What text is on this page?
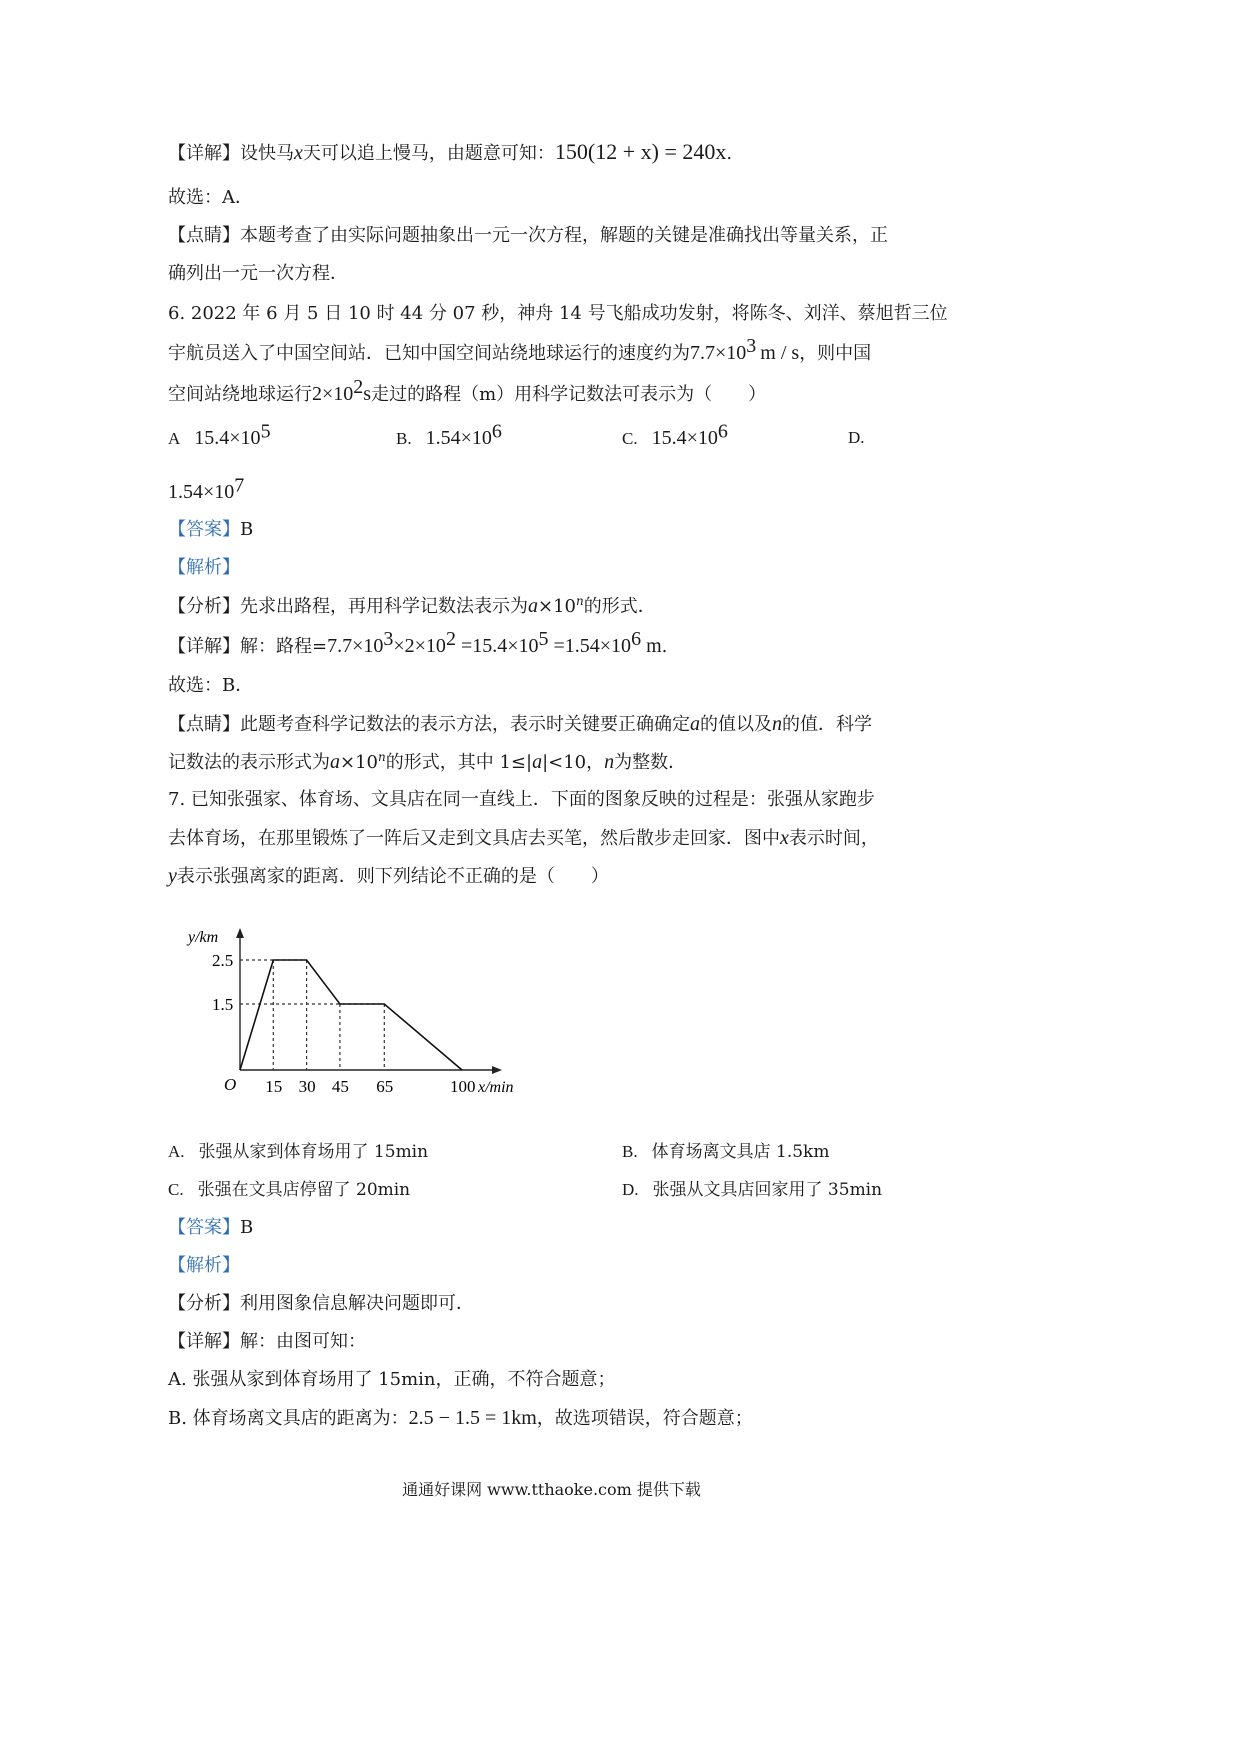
【详解】设快马x天可以追上慢马，由题意可知：150(12 + x) = 240x.
故选：A．
【点睛】本题考查了由实际问题抽象出一元一次方程，解题的关键是准确找出等量关系，正
确列出一元一次方程．
6. 2022 年 6 月 5 日 10 时 44 分 07 秒，神舟 14 号飞船成功发射，将陈冬、刘洋、蔡旭哲三位
宇航员送入了中国空间站．已知中国空间站绕地球运行的速度约为$7.7\times 10^3$ m / s，则中国
空间站绕地球运行$2\times 10^2s$走过的路程（m）用科学记数法可表示为（　　）
A $15.4\times 10^5$	B. $1.54\times 10^6$	C. $15.4\times 10^6$	D.
$1.54\times 10^7$
【答案】B
【解析】
【分析】先求出路程，再用科学记数法表示为$a\times 10^n$的形式．
【详解】解：路程$=7.7\times 10^3\times 2\times 10^2 =15.4\times 10^5 =1.54\times 10^6$ m.
故选：B．
【点睛】此题考查科学记数法的表示方法，表示时关键要正确确定a的值以及n的值．科学
记数法的表示形式为$a\times 10^n$的形式，其中 1≤|a|<10，n为整数．
7. 已知张强家、体育场、文具店在同一直线上．下面的图象反映的过程是：张强从家跑步
去体育场，在那里锻炼了一阵后又走到文具店去买笔，然后散步走回家．图中x表示时间，
y表示张强离家的距离．则下列结论不正确的是（　　）
y/km
x/min
O
1.5
2.5
15 30 45 65	100
A. 张强从家到体育场用了 15min	B. 体育场离文具店 1.5km
C. 张强在文具店停留了 20min	D. 张强从文具店回家用了 35min
【答案】B
【解析】
【分析】利用图象信息解决问题即可．
【详解】解：由图可知：
A. 张强从家到体育场用了 15min，正确，不符合题意；
B. 体育场离文具店的距离为：2.5 − 1.5 = 1km，故选项错误，符合题意；
通通好课网 www.tthaoke.com 提供下载
